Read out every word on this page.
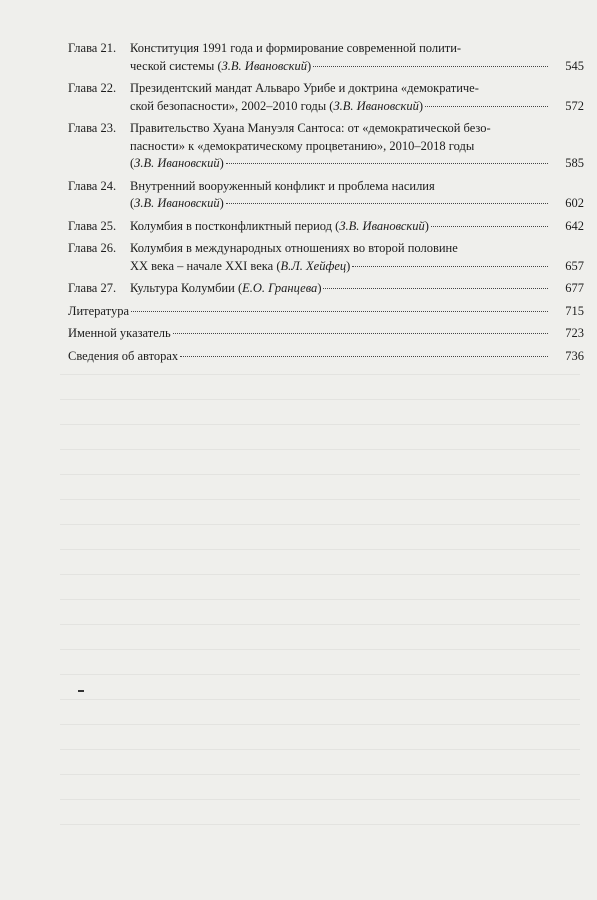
Глава 21.	Конституция 1991 года и формирование современной полити-
ческой системы (З.В. Ивановский)	545
Глава 22.	Президентский мандат Альваро Урибе и доктрина «демократиче-
ской безопасности», 2002–2010 годы (З.В. Ивановский)	572
Глава 23.	Правительство Хуана Мануэля Сантоса: от «демократической безо-
пасности» к «демократическому процветанию», 2010–2018 годы
(З.В. Ивановский)	585
Глава 24.	Внутренний вооруженный конфликт и проблема насилия
(З.В. Ивановский)	602
Глава 25.	Колумбия в постконфликтный период (З.В. Ивановский)	642
Глава 26.	Колумбия в международных отношениях во второй половине
XX века – начале XXI века (В.Л. Хейфец)	657
Глава 27.	Культура Колумбии (Е.О. Гранцева)	677
Литература	715
Именной указатель	723
Сведения об авторах	736
